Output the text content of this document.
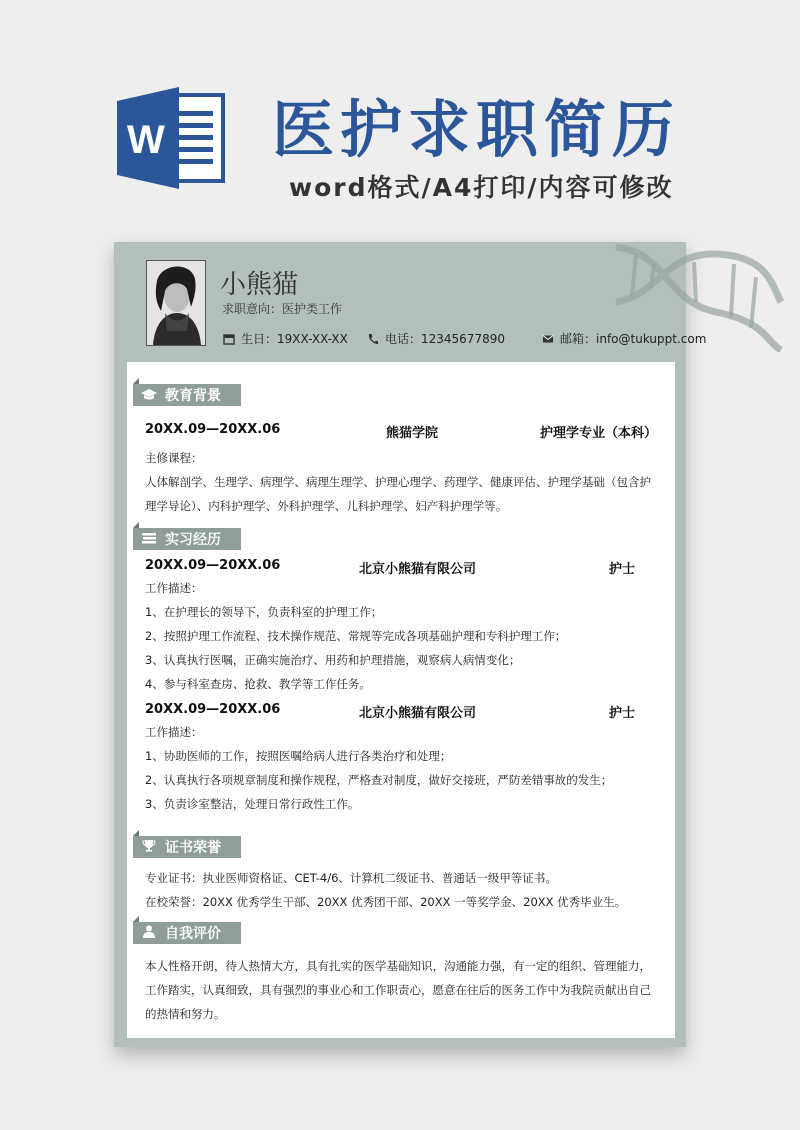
W 医护求职简历
word格式/A4打印/内容可修改
小熊猫
求职意向：医护类工作
生日：19XX-XX-XX	电话：12345677890	邮箱：info@tukuppt.com
教育背景
20XX.09—20XX.06	熊猫学院	护理学专业（本科）
主修课程：
人体解剖学、生理学、病理学、病理生理学、护理心理学、药理学、健康评估、护理学基础（包含护
理学导论）、内科护理学、外科护理学、儿科护理学、妇产科护理学等。
实习经历
20XX.09—20XX.06	北京小熊猫有限公司	护士
工作描述：
1、在护理长的领导下，负责科室的护理工作；
2、按照护理工作流程、技术操作规范、常规等完成各项基础护理和专科护理工作；
3、认真执行医嘱，正确实施治疗、用药和护理措施，观察病人病情变化；
4、参与科室查房、抢救、教学等工作任务。
20XX.09—20XX.06	北京小熊猫有限公司	护士
工作描述：
1、协助医师的工作，按照医嘱给病人进行各类治疗和处理；
2、认真执行各项规章制度和操作规程，严格查对制度，做好交接班，严防差错事故的发生；
3、负责诊室整洁，处理日常行政性工作。
证书荣誉
专业证书：执业医师资格证、CET-4/6、计算机二级证书、普通话一级甲等证书。
在校荣誉：20XX 优秀学生干部、20XX 优秀团干部、20XX 一等奖学金、20XX 优秀毕业生。
自我评价
本人性格开朗，待人热情大方，具有扎实的医学基础知识，沟通能力强，有一定的组织、管理能力，
工作踏实，认真细致，具有强烈的事业心和工作职责心，愿意在往后的医务工作中为我院贡献出自己
的热情和努力。
